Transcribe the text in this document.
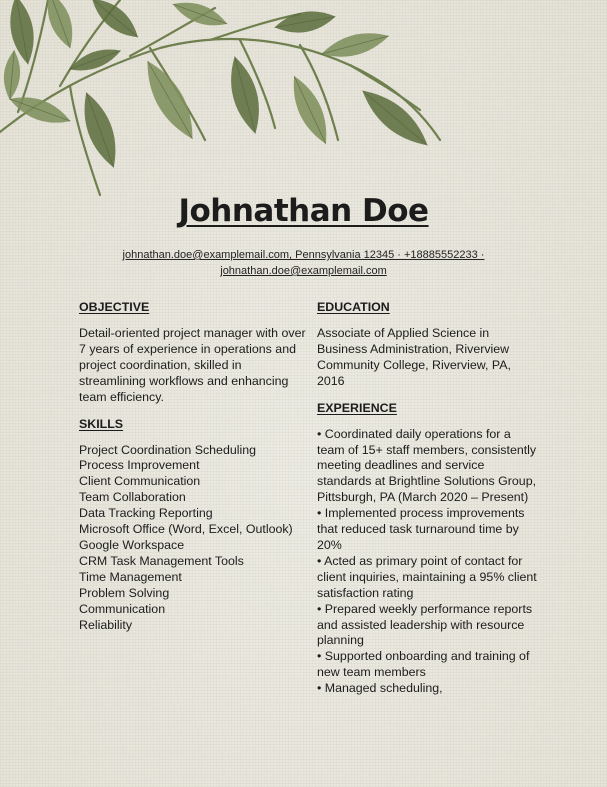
Johnathan Doe
johnathan.doe@examplemail.com, Pennsylvania 12345 · +18885552233 ·
johnathan.doe@examplemail.com
OBJECTIVE
Detail-oriented project manager with over 7 years of experience in operations and project coordination, skilled in streamlining workflows and enhancing team efficiency.
SKILLS
Project Coordination Scheduling
Process Improvement
Client Communication
Team Collaboration
Data Tracking Reporting
Microsoft Office (Word, Excel, Outlook)
Google Workspace
CRM Task Management Tools
Time Management
Problem Solving
Communication
Reliability
EDUCATION
Associate of Applied Science in Business Administration, Riverview Community College, Riverview, PA, 2016
EXPERIENCE
• Coordinated daily operations for a team of 15+ staff members, consistently meeting deadlines and service standards at Brightline Solutions Group, Pittsburgh, PA (March 2020 – Present)
• Implemented process improvements that reduced task turnaround time by 20%
• Acted as primary point of contact for client inquiries, maintaining a 95% client satisfaction rating
• Prepared weekly performance reports and assisted leadership with resource planning
• Supported onboarding and training of new team members
• Managed scheduling,
